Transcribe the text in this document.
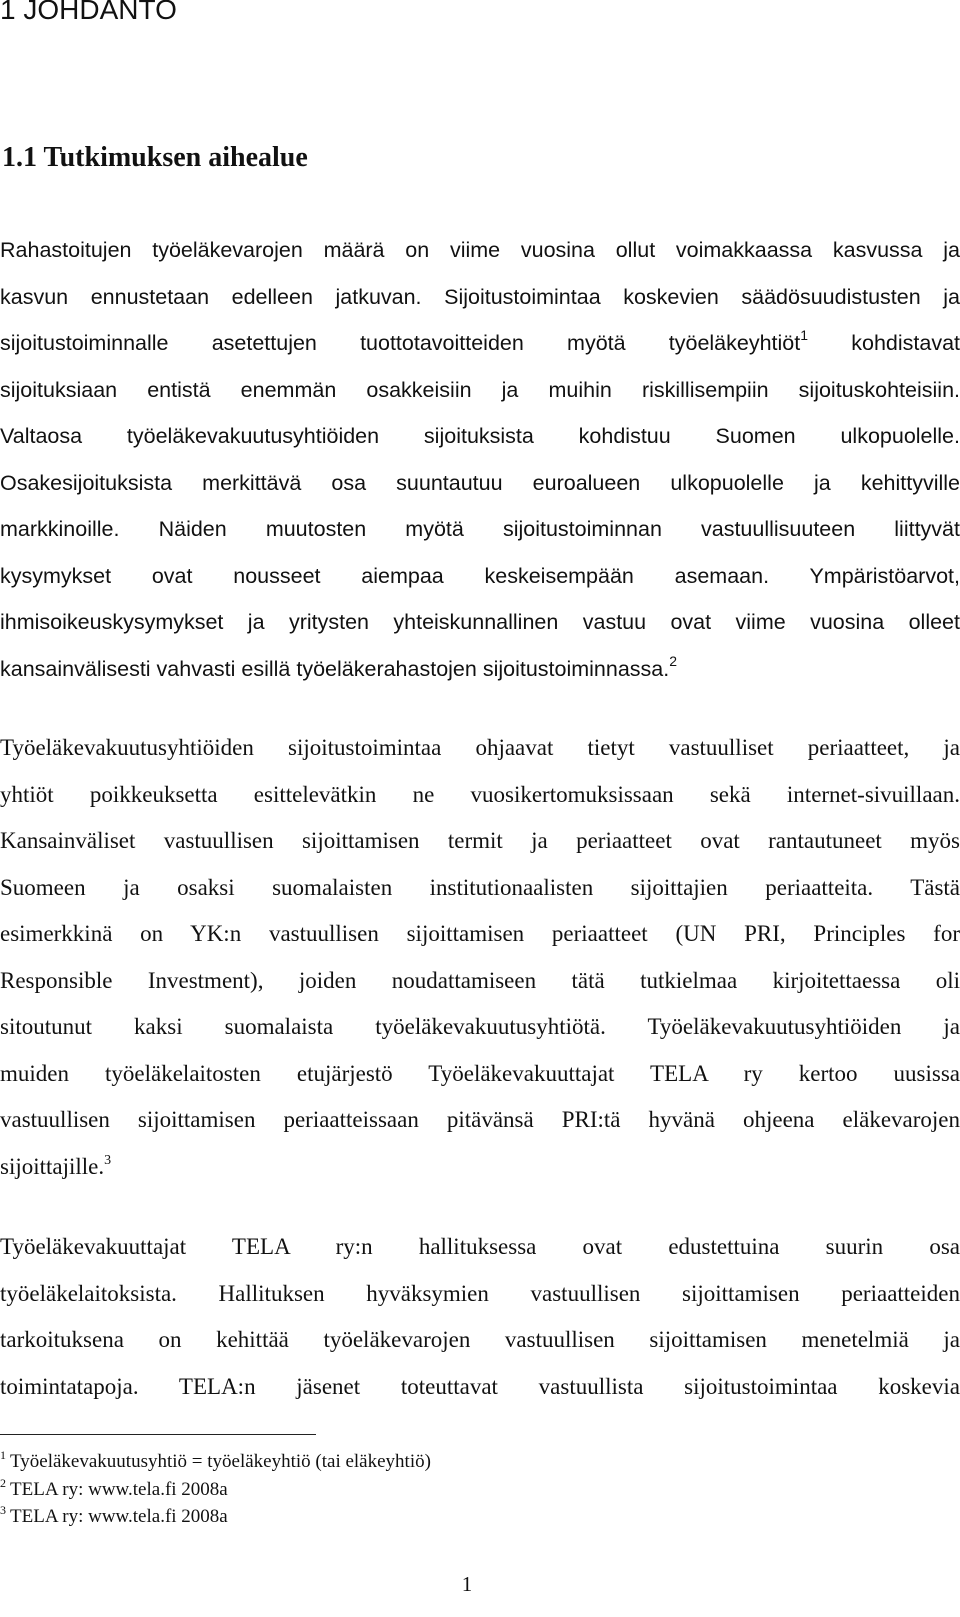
1 JOHDANTO
1.1 Tutkimuksen aihealue
Rahastoitujen työeläkevarojen määrä on viime vuosina ollut voimakkaassa kasvussa ja
kasvun ennustetaan edelleen jatkuvan. Sijoitustoimintaa koskevien säädösuudistusten ja
sijoitustoiminnalle asetettujen tuottotavoitteiden myötä työeläkeyhtiöt$^1$ kohdistavat
sijoituksiaan entistä enemmän osakkeisiin ja muihin riskillisempiin sijoituskohteisiin.
Valtaosa työeläkevakuutusyhtiöiden sijoituksista kohdistuu Suomen ulkopuolelle.
Osakesijoituksista merkittävä osa suuntautuu euroalueen ulkopuolelle ja kehittyville
markkinoille. Näiden muutosten myötä sijoitustoiminnan vastuullisuuteen liittyvät
kysymykset ovat nousseet aiempaa keskeisempään asemaan. Ympäristöarvot,
ihmisoikeuskysymykset ja yritysten yhteiskunnallinen vastuu ovat viime vuosina olleet
kansainvälisesti vahvasti esillä työeläkerahastojen sijoitustoiminnassa.$^2$
Työeläkevakuutusyhtiöiden sijoitustoimintaa ohjaavat tietyt vastuulliset periaatteet, ja
yhtiöt poikkeuksetta esittelevätkin ne vuosikertomuksissaan sekä internet-sivuillaan.
Kansainväliset vastuullisen sijoittamisen termit ja periaatteet ovat rantautuneet myös
Suomeen ja osaksi suomalaisten institutionaalisten sijoittajien periaatteita. Tästä
esimerkkinä on YK:n vastuullisen sijoittamisen periaatteet (UN PRI, Principles for
Responsible Investment), joiden noudattamiseen tätä tutkielmaa kirjoitettaessa oli
sitoutunut kaksi suomalaista työeläkevakuutusyhtiötä. Työeläkevakuutusyhtiöiden ja
muiden työeläkelaitosten etujärjestö Työeläkevakuuttajat TELA ry kertoo uusissa
vastuullisen sijoittamisen periaatteissaan pitävänsä PRI:tä hyvänä ohjeena eläkevarojen
sijoittajille.$^3$
Työeläkevakuuttajat TELA ry:n hallituksessa ovat edustettuina suurin osa
työeläkelaitoksista. Hallituksen hyväksymien vastuullisen sijoittamisen periaatteiden
tarkoituksena on kehittää työeläkevarojen vastuullisen sijoittamisen menetelmiä ja
toimintatapoja. TELA:n jäsenet toteuttavat vastuullista sijoitustoimintaa koskevia
$^1$ Työeläkevakuutusyhtiö = työeläkeyhtiö (tai eläkeyhtiö)
$^2$ TELA ry: www.tela.fi 2008a
$^3$ TELA ry: www.tela.fi 2008a
1
